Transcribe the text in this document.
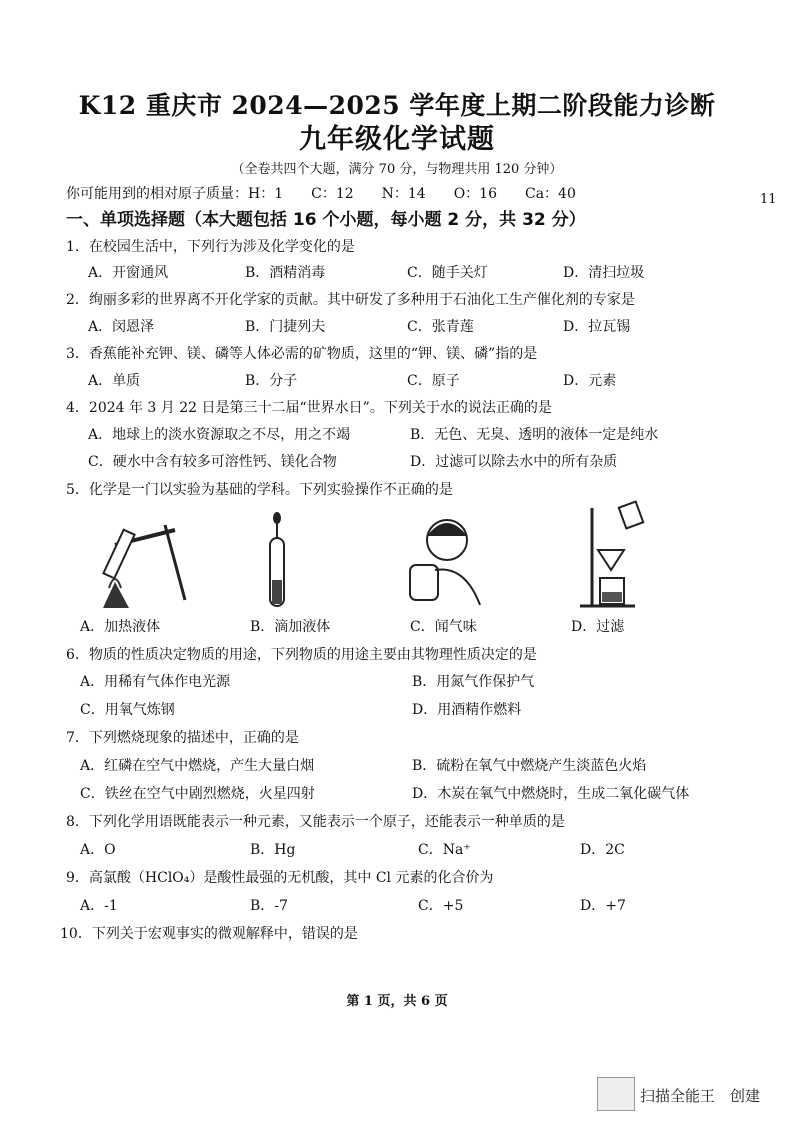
K12 重庆市 2024—2025 学年度上期二阶段能力诊断
九年级化学试题
（全卷共四个大题，满分 70 分，与物理共用 120 分钟）
你可能用到的相对原子质量：H：1　　C：12　　N：14　　O：16　　Ca：40	11
一、单项选择题（本大题包括 16 个小题，每小题 2 分，共 32 分）
1．在校园生活中，下列行为涉及化学变化的是
A．开窗通风	B．酒精消毒	C．随手关灯	D．清扫垃圾
2．绚丽多彩的世界离不开化学家的贡献。其中研发了多种用于石油化工生产催化剂的专家是
A．闵恩泽	B．门捷列夫	C．张青莲	D．拉瓦锡
3．香蕉能补充钾、镁、磷等人体必需的矿物质，这里的“钾、镁、磷”指的是
A．单质	B．分子	C．原子	D．元素
4．2024 年 3 月 22 日是第三十二届“世界水日”。下列关于水的说法正确的是
A．地球上的淡水资源取之不尽，用之不竭	B．无色、无臭、透明的液体一定是纯水
C．硬水中含有较多可溶性钙、镁化合物	D．过滤可以除去水中的所有杂质
5．化学是一门以实验为基础的学科。下列实验操作不正确的是
A．加热液体	B．滴加液体	C．闻气味	D．过滤
6．物质的性质决定物质的用途，下列物质的用途主要由其物理性质决定的是
A．用稀有气体作电光源	B．用氮气作保护气
C．用氧气炼钢	D．用酒精作燃料
7．下列燃烧现象的描述中，正确的是
A．红磷在空气中燃烧，产生大量白烟	B．硫粉在氧气中燃烧产生淡蓝色火焰
C．铁丝在空气中剧烈燃烧，火星四射	D．木炭在氧气中燃烧时，生成二氧化碳气体
8．下列化学用语既能表示一种元素，又能表示一个原子，还能表示一种单质的是
A．O	B．Hg	C．Na⁺	D．2C
9．高氯酸（HClO₄）是酸性最强的无机酸，其中 Cl 元素的化合价为
A．-1	B．-7	C．+5	D．+7
10．下列关于宏观事实的微观解释中，错误的是
第 1 页，共 6 页
扫描全能王　创建
